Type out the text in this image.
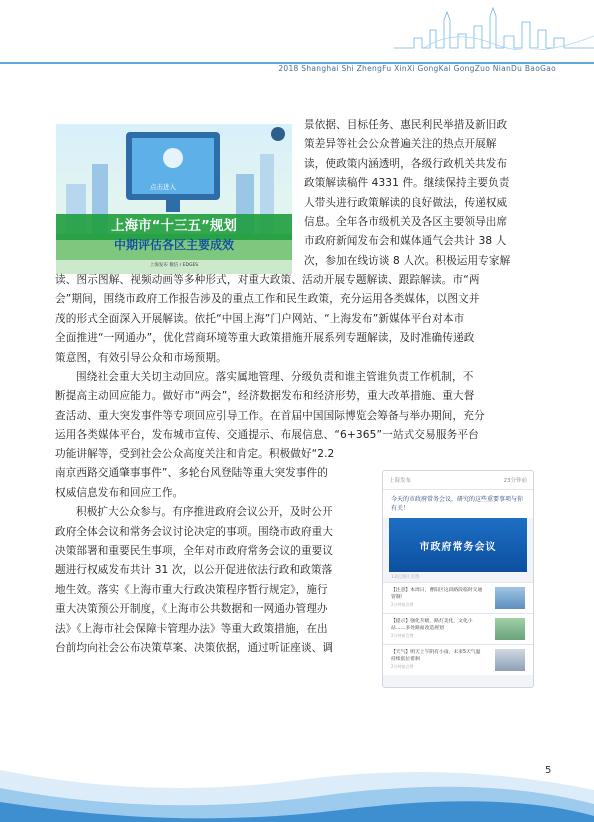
2018 Shanghai Shi ZhengFu XinXi GongKai GongZuo NianDu BaoGao
点击进入
上海市“十三五”规划
中期评估各区主要成效
上海发布 微信 / EDGES
景依据、目标任务、惠民利民举措及新旧政
策差异等社会公众普遍关注的热点开展解
读，使政策内涵透明，各级行政机关共发布
政策解读稿件 4331 件。继续保持主要负责
人带头进行政策解读的良好做法，传递权威
信息。全年各市级机关及各区主要领导出席
市政府新闻发布会和媒体通气会共计 38 人
次，参加在线访谈 8 人次。积极运用专家解
读、图示图解、视频动画等多种形式，对重大政策、活动开展专题解读、跟踪解读。市“两
会”期间，围绕市政府工作报告涉及的重点工作和民生政策，充分运用各类媒体，以图文并
茂的形式全面深入开展解读。依托“中国上海”门户网站、“上海发布”新媒体平台对本市
全面推进“一网通办”，优化营商环境等重大政策措施开展系列专题解读，及时准确传递政
策意图，有效引导公众和市场预期。
围绕社会重大关切主动回应。落实属地管理、分级负责和谁主管谁负责工作机制，不
断提高主动回应能力。做好市“两会”，经济数据发布和经济形势，重大改革措施、重大督
查活动、重大突发事件等专项回应引导工作。在首届中国国际博览会筹备与举办期间，充分
运用各类媒体平台，发布城市宣传、交通提示、布展信息、“6+365”一站式交易服务平台
功能讲解等，受到社会公众高度关注和肯定。积极做好“2.2
南京西路交通肇事事件”、多轮台风登陆等重大突发事件的
权威信息发布和回应工作。
积极扩大公众参与。有序推进政府会议公开，及时公开
政府全体会议和常务会议讨论决定的事项。围绕市政府重大
决策部署和重要民生事项，全年对市政府常务会议的重要议
题进行权威发布共计 31 次，以公开促进依法行政和政策落
地生效。落实《上海市重大行政决策程序暂行规定》，施行
重大决策预公开制度，《上海市公共数据和一网通办管理办
法》《上海市社会保障卡管理办法》等重大政策措施，在出
台前均向社会公布决策草案、决策依据，通过听证座谈、调
上海发布	23分钟前
今天的市政府常务会议，研究的这些重要事项与你有关！
市政府常务会议
13亿图片点赞
【注意】本周日，曹阳区这段路段临时交通管制！
2分钟前点赞
【提示】强化升级，路灯美化，文化小站……多处路面改造规划
2分钟前点赞
【天气】明天上午阴有小雨，未来5天气温持续低位徘徊
2分钟前点赞
5
